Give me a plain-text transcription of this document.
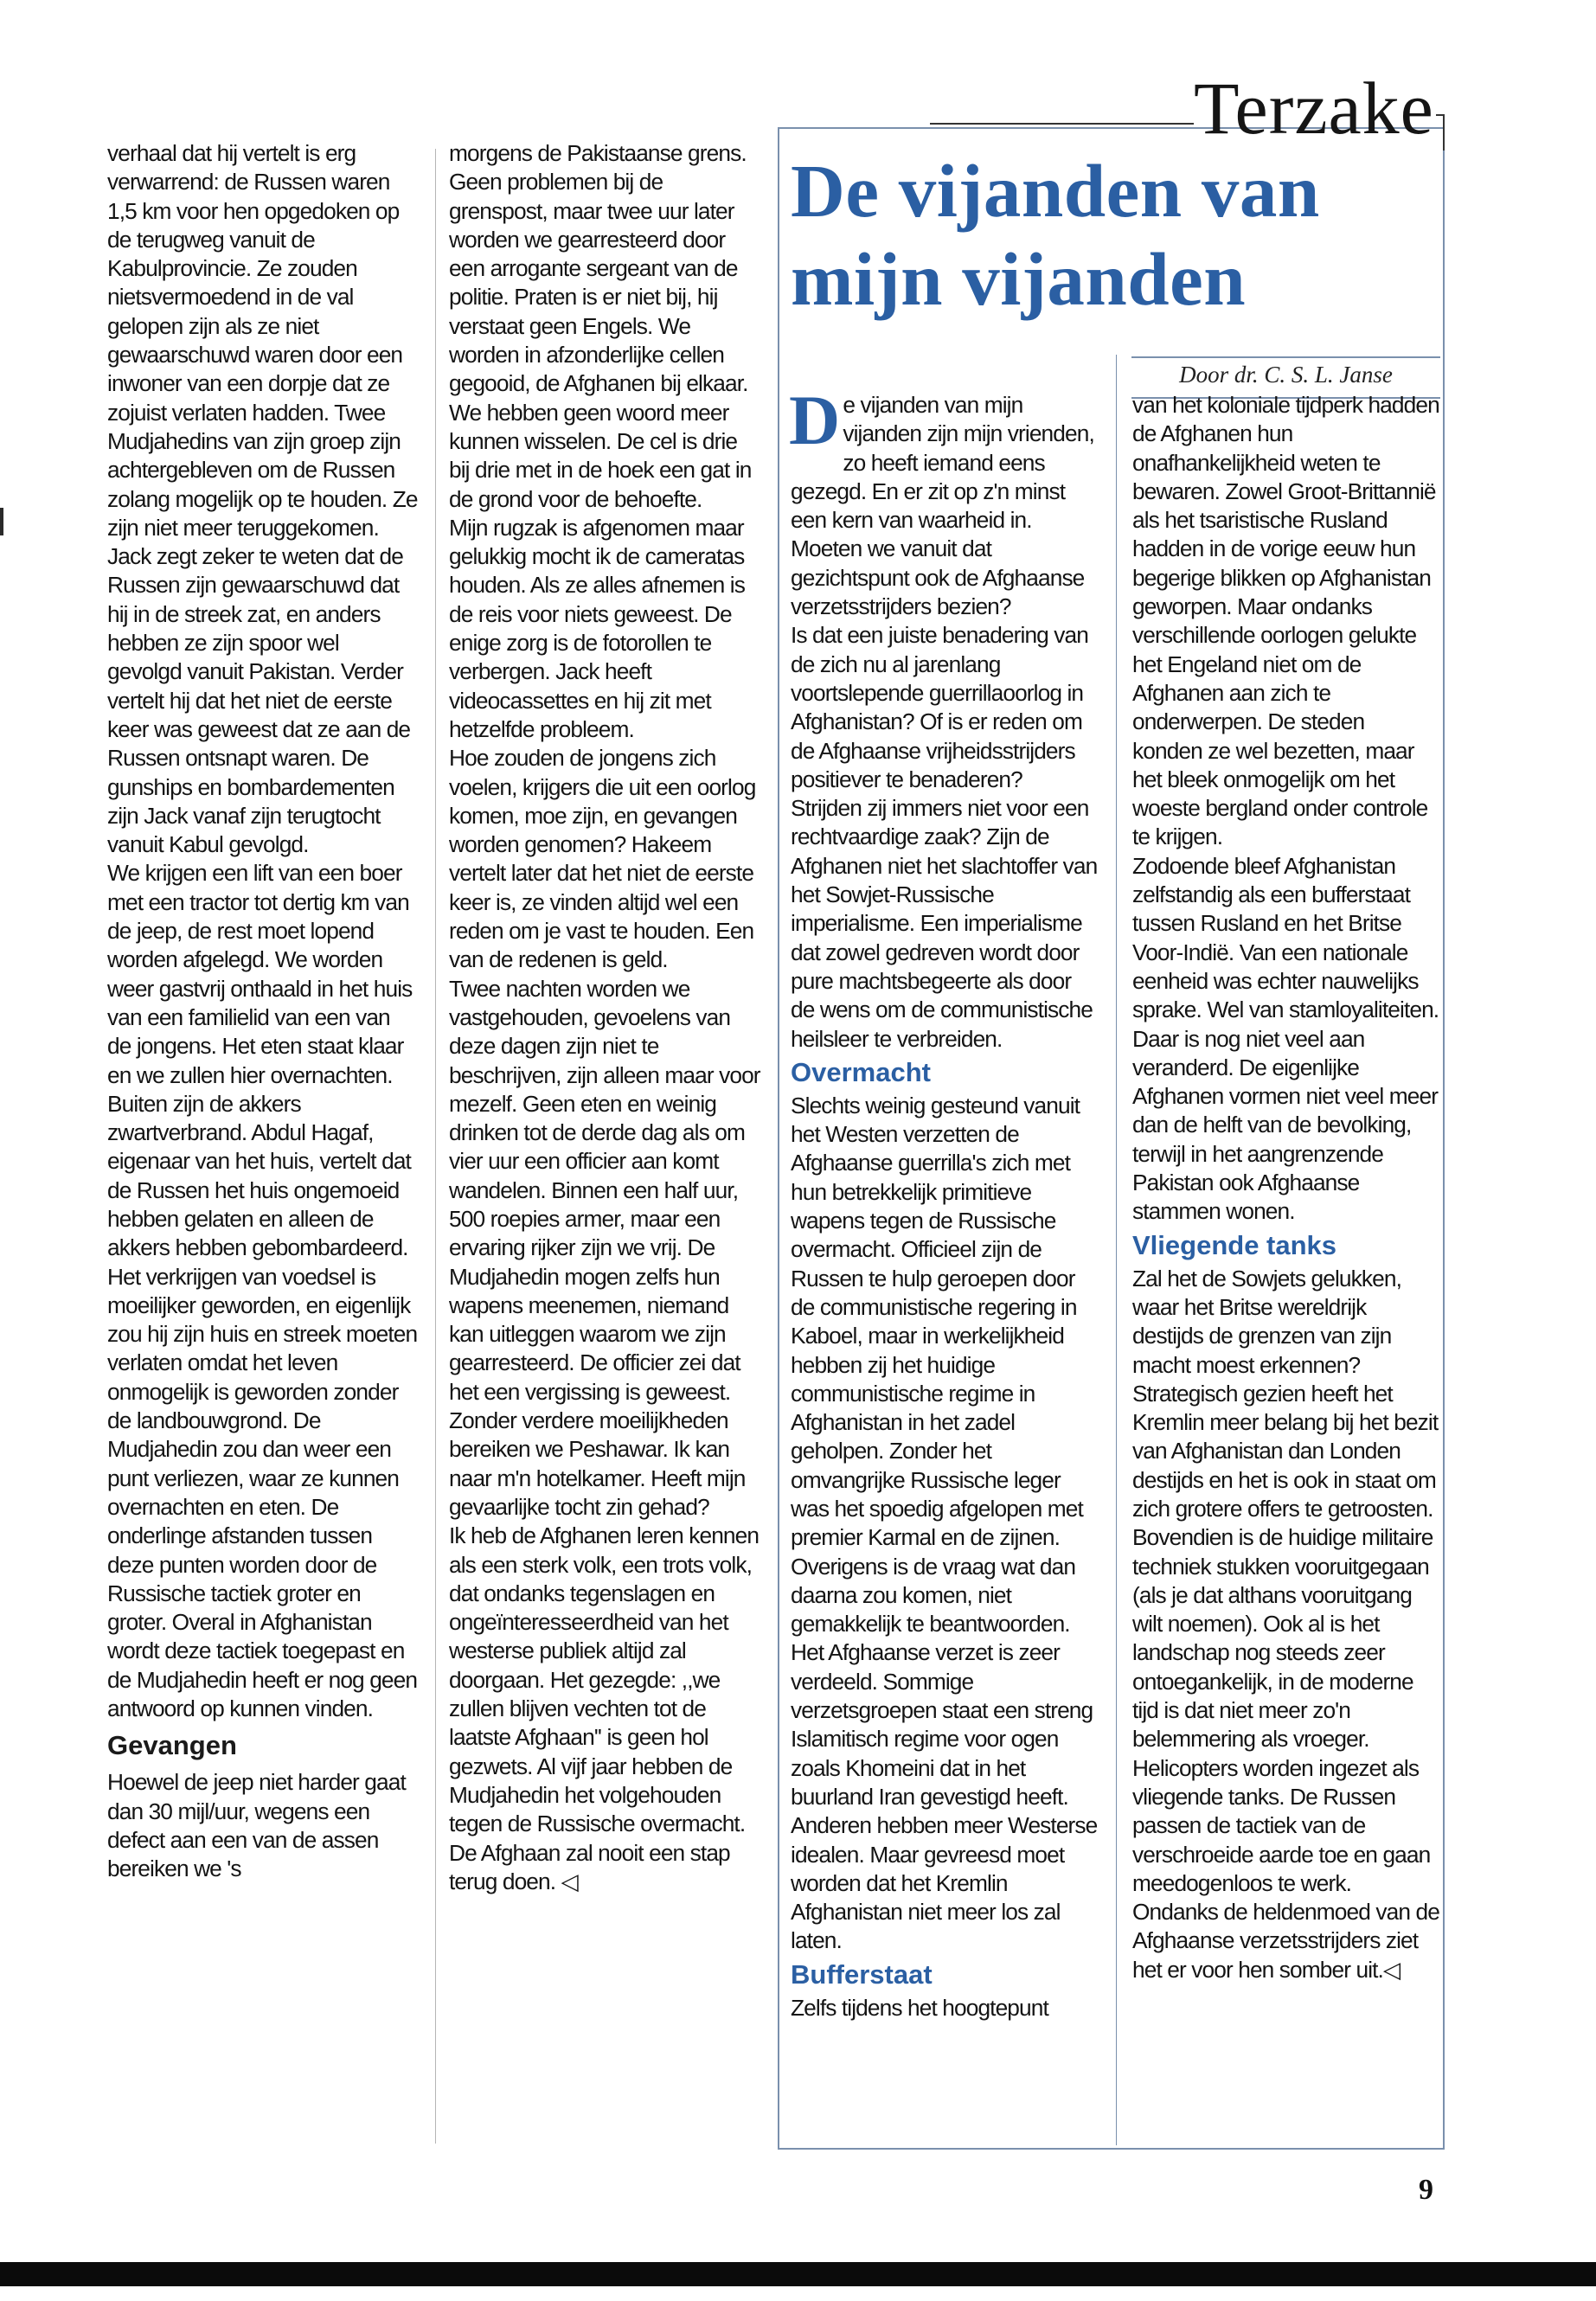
Terzake
De vijanden van mijn vijanden
Door dr. C. S. L. Janse

verhaal dat hij vertelt is erg verwarrend: de Russen waren 1,5 km voor hen opgedoken op de terugweg vanuit de Kabulprovincie. Ze zouden nietsvermoedend in de val gelopen zijn als ze niet gewaarschuwd waren door een inwoner van een dorpje dat ze zojuist verlaten hadden. Twee Mudjahedins van zijn groep zijn achtergebleven om de Russen zolang mogelijk op te houden. Ze zijn niet meer teruggekomen. Jack zegt zeker te weten dat de Russen zijn gewaarschuwd dat hij in de streek zat, en anders hebben ze zijn spoor wel gevolgd vanuit Pakistan. Verder vertelt hij dat het niet de eerste keer was geweest dat ze aan de Russen ontsnapt waren. De gunships en bombardementen zijn Jack vanaf zijn terugtocht vanuit Kabul gevolgd.

We krijgen een lift van een boer met een tractor tot dertig km van de jeep, de rest moet lopend worden afgelegd. We worden weer gastvrij onthaald in het huis van een familielid van een van de jongens. Het eten staat klaar en we zullen hier overnachten. Buiten zijn de akkers zwartverbrand. Abdul Hagaf, eigenaar van het huis, vertelt dat de Russen het huis ongemoeid hebben gelaten en alleen de akkers hebben gebombardeerd.

Het verkrijgen van voedsel is moeilijker geworden, en eigenlijk zou hij zijn huis en streek moeten verlaten omdat het leven onmogelijk is geworden zonder de landbouwgrond. De Mudjahedin zou dan weer een punt verliezen, waar ze kunnen overnachten en eten. De onderlinge afstanden tussen deze punten worden door de Russische tactiek groter en groter. Overal in Afghanistan wordt deze tactiek toegepast en de Mudjahedin heeft er nog geen antwoord op kunnen vinden.

Gevangen

Hoewel de jeep niet harder gaat dan 30 mijl/uur, wegens een defect aan een van de assen bereiken we 's

morgens de Pakistaanse grens. Geen problemen bij de grenspost, maar twee uur later worden we gearresteerd door een arrogante sergeant van de politie. Praten is er niet bij, hij verstaat geen Engels. We worden in afzonderlijke cellen gegooid, de Afghanen bij elkaar. We hebben geen woord meer kunnen wisselen. De cel is drie bij drie met in de hoek een gat in de grond voor de behoefte.

Mijn rugzak is afgenomen maar gelukkig mocht ik de cameratas houden. Als ze alles afnemen is de reis voor niets geweest. De enige zorg is de fotorollen te verbergen. Jack heeft videocassettes en hij zit met hetzelfde probleem.

Hoe zouden de jongens zich voelen, krijgers die uit een oorlog komen, moe zijn, en gevangen worden genomen? Hakeem vertelt later dat het niet de eerste keer is, ze vinden altijd wel een reden om je vast te houden. Een van de redenen is geld.

Twee nachten worden we vastgehouden, gevoelens van deze dagen zijn niet te beschrijven, zijn alleen maar voor mezelf. Geen eten en weinig drinken tot de derde dag als om vier uur een officier aan komt wandelen. Binnen een half uur, 500 roepies armer, maar een ervaring rijker zijn we vrij. De Mudjahedin mogen zelfs hun wapens meenemen, niemand kan uitleggen waarom we zijn gearresteerd. De officier zei dat het een vergissing is geweest.

Zonder verdere moeilijkheden bereiken we Peshawar. Ik kan naar m'n hotelkamer. Heeft mijn gevaarlijke tocht zin gehad?

Ik heb de Afghanen leren kennen als een sterk volk, een trots volk, dat ondanks tegenslagen en ongeïnteresseerdheid van het westerse publiek altijd zal doorgaan. Het gezegde: ,,we zullen blijven vechten tot de laatste Afghaan'' is geen hol gezwets. Al vijf jaar hebben de Mudjahedin het volgehouden tegen de Russische overmacht. De Afghaan zal nooit een stap terug doen. ◁

De vijanden van mijn vijanden zijn mijn vrienden, zo heeft iemand eens gezegd. En er zit op z'n minst een kern van waarheid in. Moeten we vanuit dat gezichtspunt ook de Afghaanse verzetsstrijders bezien?

Is dat een juiste benadering van de zich nu al jarenlang voortslepende guerrillaoorlog in Afghanistan? Of is er reden om de Afghaanse vrijheidsstrijders positiever te benaderen? Strijden zij immers niet voor een rechtvaardige zaak? Zijn de Afghanen niet het slachtoffer van het Sowjet-Russische imperialisme. Een imperialisme dat zowel gedreven wordt door pure machtsbegeerte als door de wens om de communistische heilsleer te verbreiden.

Overmacht

Slechts weinig gesteund vanuit het Westen verzetten de Afghaanse guerrilla's zich met hun betrekkelijk primitieve wapens tegen de Russische overmacht. Officieel zijn de Russen te hulp geroepen door de communistische regering in Kaboel, maar in werkelijkheid hebben zij het huidige communistische regime in Afghanistan in het zadel geholpen. Zonder het omvangrijke Russische leger was het spoedig afgelopen met premier Karmal en de zijnen. Overigens is de vraag wat dan daarna zou komen, niet gemakkelijk te beantwoorden. Het Afghaanse verzet is zeer verdeeld. Sommige verzetsgroepen staat een streng Islamitisch regime voor ogen zoals Khomeini dat in het buurland Iran gevestigd heeft. Anderen hebben meer Westerse idealen. Maar gevreesd moet worden dat het Kremlin Afghanistan niet meer los zal laten.

Bufferstaat

Zelfs tijdens het hoogtepunt

van het koloniale tijdperk hadden de Afghanen hun onafhankelijkheid weten te bewaren. Zowel Groot-Brittannië als het tsaristische Rusland hadden in de vorige eeuw hun begerige blikken op Afghanistan geworpen. Maar ondanks verschillende oorlogen gelukte het Engeland niet om de Afghanen aan zich te onderwerpen. De steden konden ze wel bezetten, maar het bleek onmogelijk om het woeste bergland onder controle te krijgen.

Zodoende bleef Afghanistan zelfstandig als een bufferstaat tussen Rusland en het Britse Voor-Indië. Van een nationale eenheid was echter nauwelijks sprake. Wel van stamloyaliteiten. Daar is nog niet veel aan veranderd. De eigenlijke Afghanen vormen niet veel meer dan de helft van de bevolking, terwijl in het aangrenzende Pakistan ook Afghaanse stammen wonen.

Vliegende tanks

Zal het de Sowjets gelukken, waar het Britse wereldrijk destijds de grenzen van zijn macht moest erkennen? Strategisch gezien heeft het Kremlin meer belang bij het bezit van Afghanistan dan Londen destijds en het is ook in staat om zich grotere offers te getroosten. Bovendien is de huidige militaire techniek stukken vooruitgegaan (als je dat althans vooruitgang wilt noemen). Ook al is het landschap nog steeds zeer ontoegankelijk, in de moderne tijd is dat niet meer zo'n belemmering als vroeger. Helicopters worden ingezet als vliegende tanks. De Russen passen de tactiek van de verschroeide aarde toe en gaan meedogenloos te werk. Ondanks de heldenmoed van de Afghaanse verzetsstrijders ziet het er voor hen somber uit.◁

9
